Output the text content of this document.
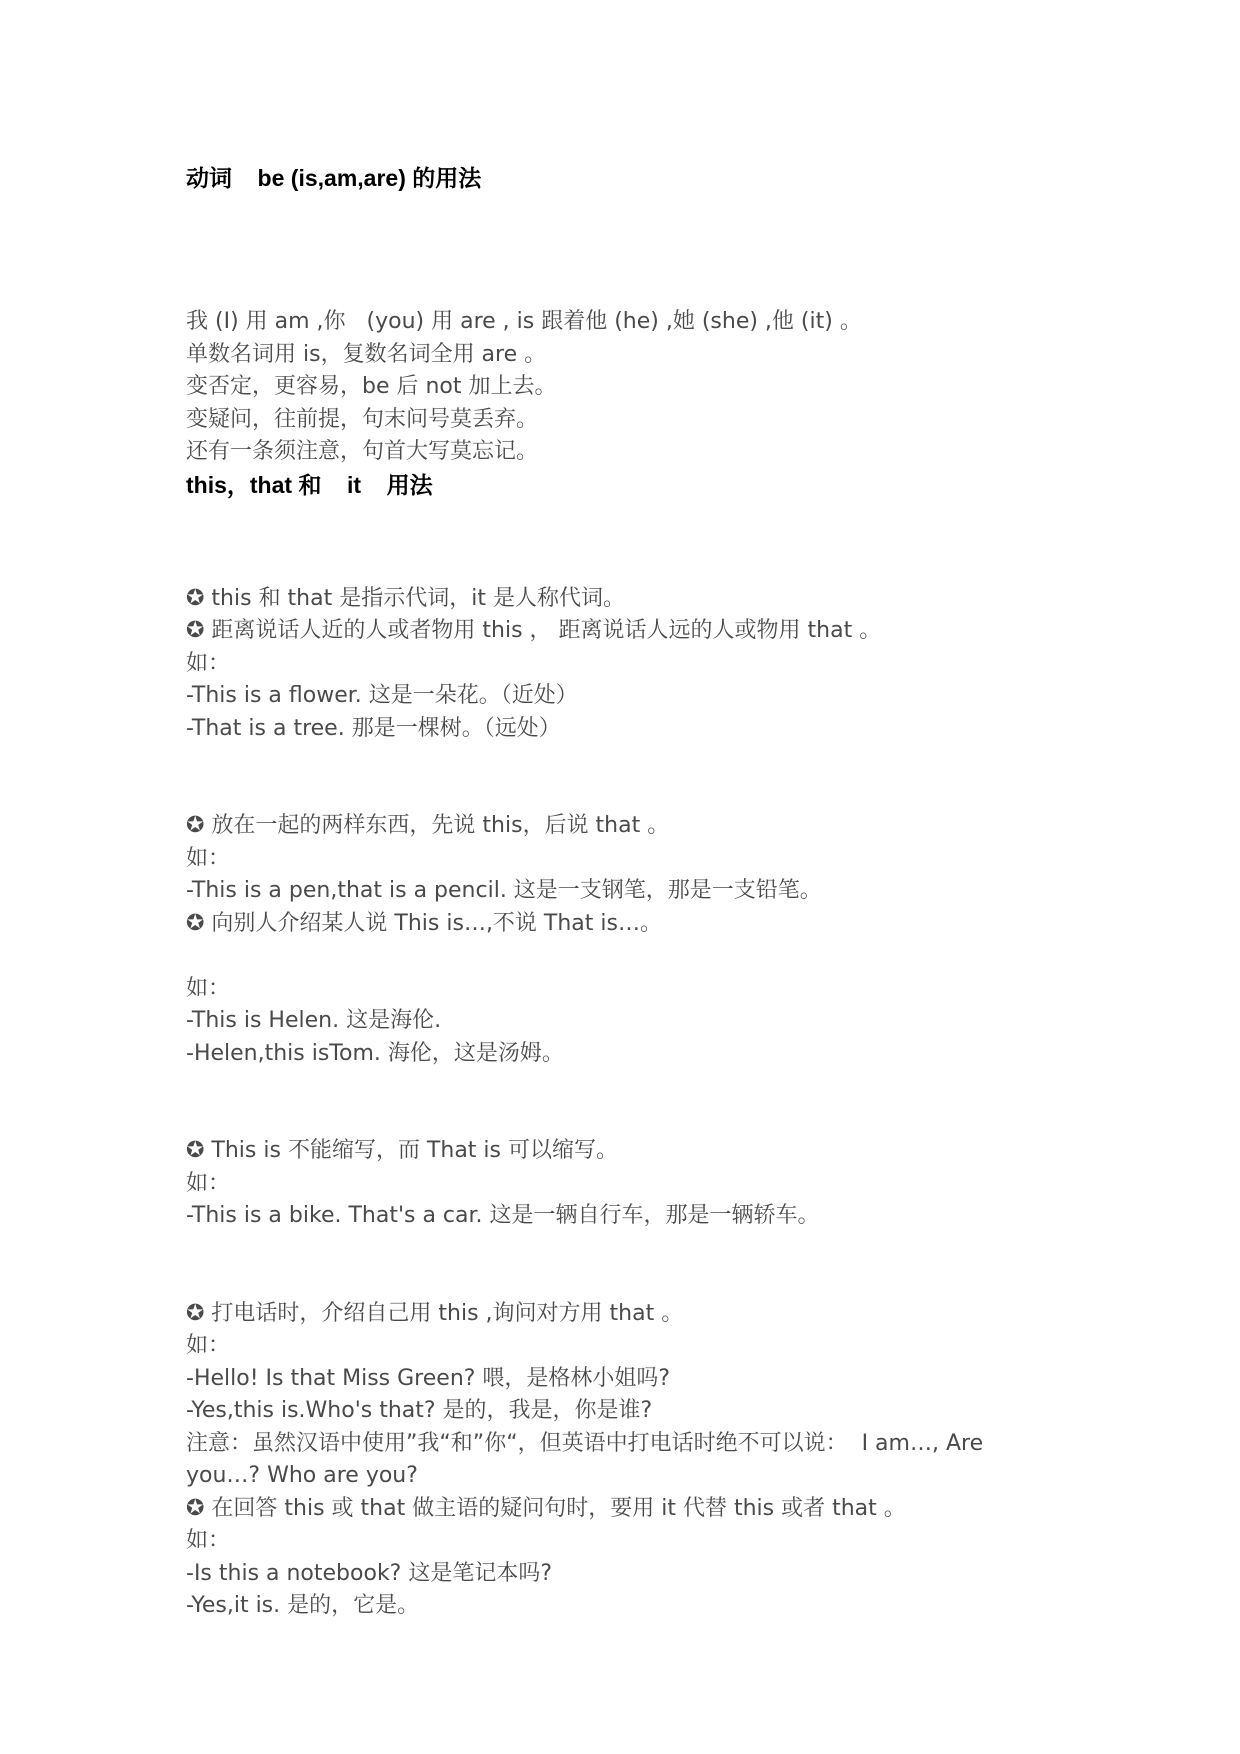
动词    be (is,am,are) 的用法

我 (I) 用 am ,你   (you) 用 are , is 跟着他 (he) ,她 (she) ,他 (it) 。

单数名词用 is，复数名词全用 are 。

变否定，更容易，be 后 not 加上去。

变疑问，往前提，句末问号莫丢弃。

还有一条须注意，句首大写莫忘记。

this，that 和    it    用法

✪ this 和 that 是指示代词，it 是人称代词。

✪ 距离说话人近的人或者物用 this ， 距离说话人远的人或物用 that 。

如：

-This is a flower. 这是一朵花。（近处）

-That is a tree. 那是一棵树。（远处）

✪ 放在一起的两样东西，先说 this，后说 that 。

如：

-This is a pen,that is a pencil. 这是一支钢笔，那是一支铅笔。

✪ 向别人介绍某人说 This is…,不说 That is…。

如：

-This is Helen. 这是海伦.

-Helen,this isTom. 海伦，这是汤姆。

✪ This is 不能缩写，而 That is 可以缩写。

如：

-This is a bike. That's a car. 这是一辆自行车，那是一辆轿车。

✪ 打电话时，介绍自己用 this ,询问对方用 that 。

如：

-Hello! Is that Miss Green? 喂，是格林小姐吗?

-Yes,this is.Who's that? 是的，我是，你是谁?

注意：虽然汉语中使用”我“和”你“，但英语中打电话时绝不可以说：  I am…, Are

you…? Who are you?

✪ 在回答 this 或 that 做主语的疑问句时，要用 it 代替 this 或者 that 。

如：

-Is this a notebook? 这是笔记本吗?

-Yes,it is. 是的，它是。
